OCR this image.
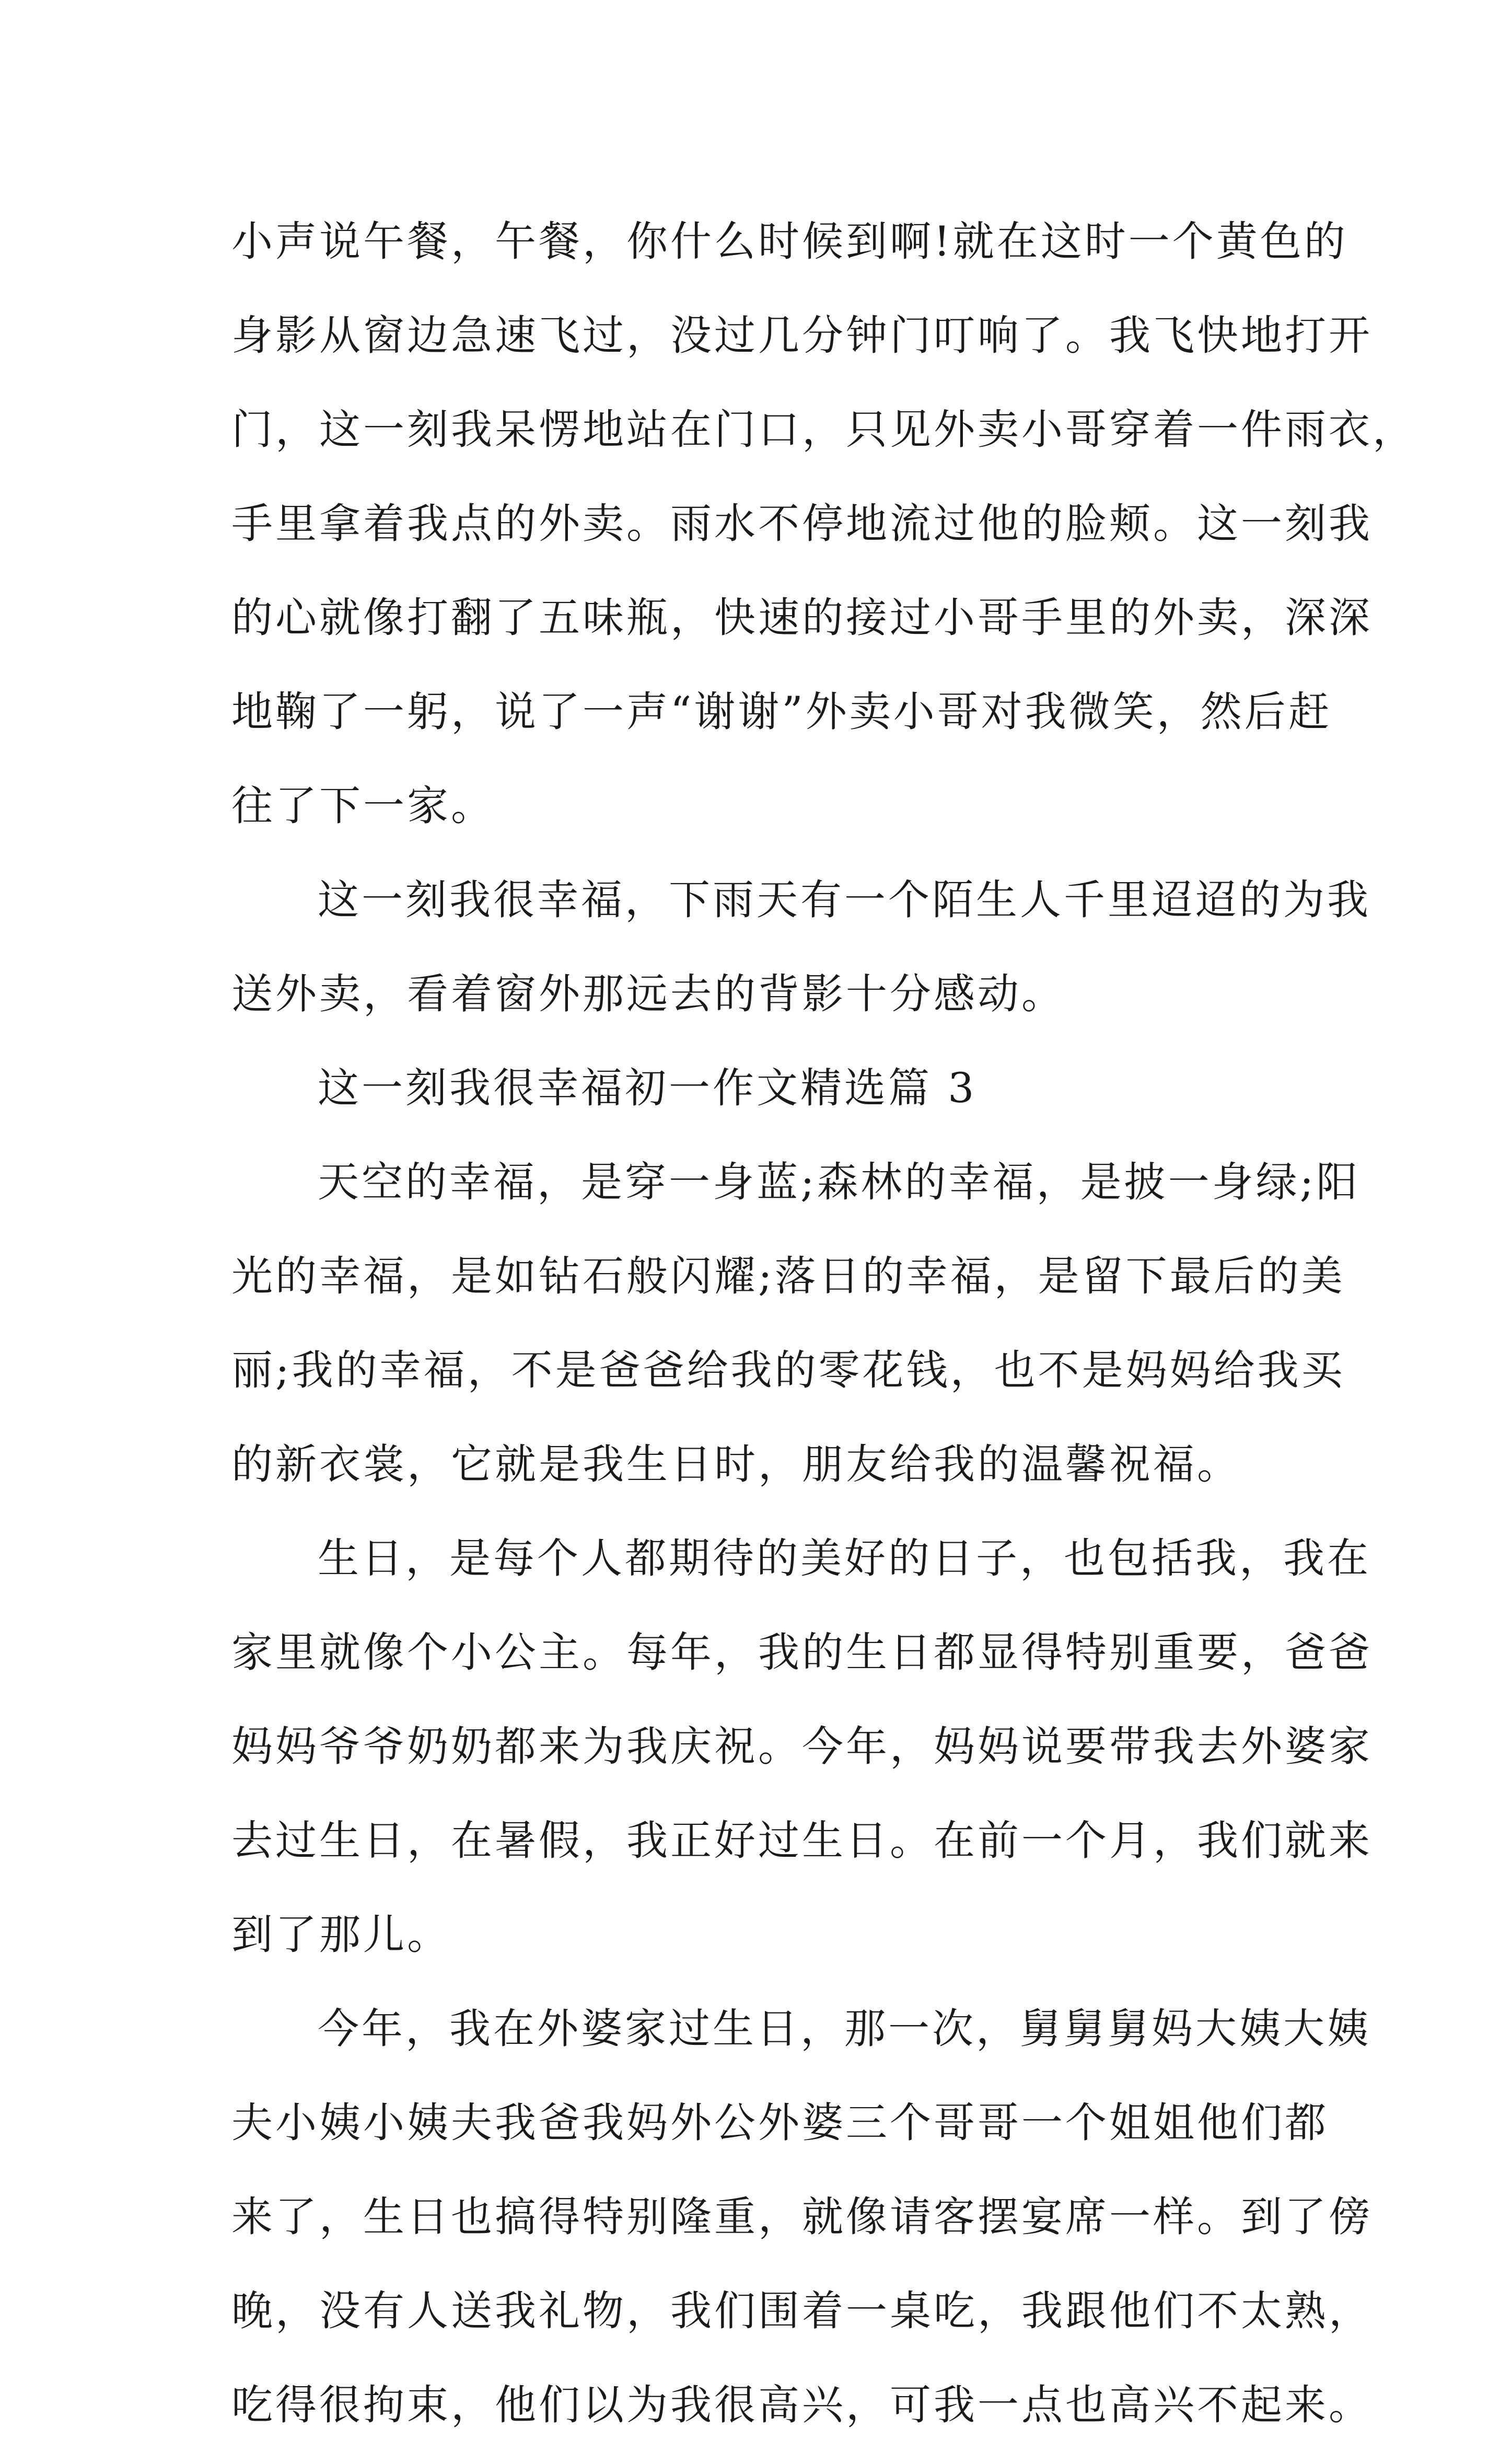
小声说午餐，午餐，你什么时候到啊!就在这时一个黄色的

身影从窗边急速飞过，没过几分钟门叮响了。我飞快地打开

门，这一刻我呆愣地站在门口，只见外卖小哥穿着一件雨衣，

手里拿着我点的外卖。雨水不停地流过他的脸颊。这一刻我

的心就像打翻了五味瓶，快速的接过小哥手里的外卖，深深

地鞠了一躬，说了一声“谢谢”外卖小哥对我微笑，然后赶

往了下一家。

这一刻我很幸福，下雨天有一个陌生人千里迢迢的为我

送外卖，看着窗外那远去的背影十分感动。

这一刻我很幸福初一作文精选篇 3

天空的幸福，是穿一身蓝;森林的幸福，是披一身绿;阳

光的幸福，是如钻石般闪耀;落日的幸福，是留下最后的美

丽;我的幸福，不是爸爸给我的零花钱，也不是妈妈给我买

的新衣裳，它就是我生日时，朋友给我的温馨祝福。

生日，是每个人都期待的美好的日子，也包括我，我在

家里就像个小公主。每年，我的生日都显得特别重要，爸爸

妈妈爷爷奶奶都来为我庆祝。今年，妈妈说要带我去外婆家

去过生日，在暑假，我正好过生日。在前一个月，我们就来

到了那儿。

今年，我在外婆家过生日，那一次，舅舅舅妈大姨大姨

夫小姨小姨夫我爸我妈外公外婆三个哥哥一个姐姐他们都

来了，生日也搞得特别隆重，就像请客摆宴席一样。到了傍

晚，没有人送我礼物，我们围着一桌吃，我跟他们不太熟，

吃得很拘束，他们以为我很高兴，可我一点也高兴不起来。
